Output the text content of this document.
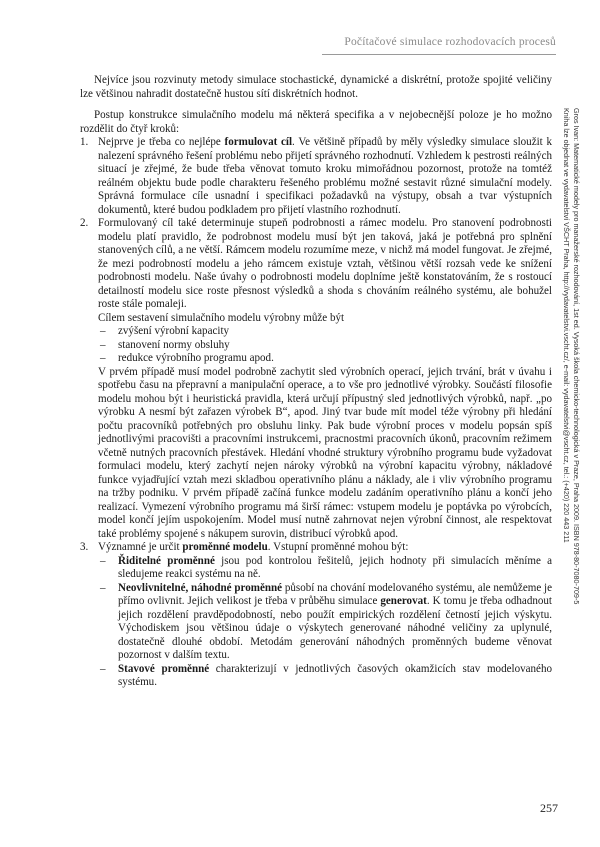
Počítačové simulace rozhodovacích procesů

Nejvíce jsou rozvinuty metody simulace stochastické, dynamické a diskrétní, protože spojité veličiny lze většinou nahradit dostatečně hustou sítí diskrétních hodnot.

Postup konstrukce simulačního modelu má některá specifika a v nejobecnější poloze je ho možno rozdělit do čtyř kroků:

1. Nejprve je třeba co nejlépe formulovat cíl. Ve většině případů by měly výsledky simulace sloužit k nalezení správného řešení problému nebo přijetí správného rozhodnutí. Vzhledem k pestrosti reálných situací je zřejmé, že bude třeba věnovat tomuto kroku mimořádnou pozornost, protože na tomtéž reálném objektu bude podle charakteru řešeného problému možné sestavit různé simulační modely. Správná formulace cíle usnadní i specifikaci požadavků na výstupy, obsah a tvar výstupních dokumentů, které budou podkladem pro přijetí vlastního rozhodnutí.

2. Formulovaný cíl také determinuje stupeň podrobnosti a rámec modelu. Pro stanovení podrobnosti modelu platí pravidlo, že podrobnost modelu musí být jen taková, jaká je potřebná pro splnění stanovených cílů, a ne větší. Rámcem modelu rozumíme meze, v nichž má model fungovat. Je zřejmé, že mezi podrobností modelu a jeho rámcem existuje vztah, většinou větší rozsah vede ke snížení podrobnosti modelu. Naše úvahy o podrobnosti modelu doplníme ještě konstatováním, že s rostoucí detailností modelu sice roste přesnost výsledků a shoda s chováním reálného systému, ale bohužel roste stále pomaleji.

Cílem sestavení simulačního modelu výrobny může být

– zvýšení výrobní kapacity
– stanovení normy obsluhy
– redukce výrobního programu apod.

V prvém případě musí model podrobně zachytit sled výrobních operací, jejich trvání, brát v úvahu i spotřebu času na přepravní a manipulační operace, a to vše pro jednotlivé výrobky. Součástí filosofie modelu mohou být i heuristická pravidla, která určují přípustný sled jednotlivých výrobků, např. „po výrobku A nesmí být zařazen výrobek B“, apod. Jiný tvar bude mít model téže výrobny při hledání počtu pracovníků potřebných pro obsluhu linky. Pak bude výrobní proces v modelu popsán spíš jednotlivými pracovišti a pracovními instrukcemi, pracnostmi pracovních úkonů, pracovním režimem včetně nutných pracovních přestávek. Hledání vhodné struktury výrobního programu bude vyžadovat formulaci modelu, který zachytí nejen nároky výrobků na výrobní kapacitu výrobny, nákladové funkce vyjadřující vztah mezi skladbou operativního plánu a náklady, ale i vliv výrobního programu na tržby podniku. V prvém případě začíná funkce modelu zadáním operativního plánu a končí jeho realizací. Vymezení výrobního programu má širší rámec: vstupem modelu je poptávka po výrobcích, model končí jejím uspokojením. Model musí nutně zahrnovat nejen výrobní činnost, ale respektovat také problémy spojené s nákupem surovin, distribucí výrobků apod.

3. Významné je určit proměnné modelu. Vstupní proměnné mohou být:

– Řiditelné proměnné jsou pod kontrolou řešitelů, jejich hodnoty při simulacích měníme a sledujeme reakci systému na ně.

– Neovlivnitelné, náhodné proměnné působí na chování modelovaného systému, ale nemůžeme je přímo ovlivnit. Jejich velikost je třeba v průběhu simulace generovat. K tomu je třeba odhadnout jejich rozdělení pravděpodobností, nebo použít empirických rozdělení četností jejich výskytu. Východiskem jsou většinou údaje o výskytech generované náhodné veličiny za uplynulé, dostatečně dlouhé období. Metodám generování náhodných proměnných budeme věnovat pozornost v dalším textu.

– Stavové proměnné charakterizují v jednotlivých časových okamžicích stav modelovaného systému.

Gros Ivan: Matematické modely pro manažerské rozhodování, 1st ed. Vysoká škola chemicko-technologická v Praze, Praha 2009. ISBN 978-80-7080-709-5
Kniha lze objednat ve vydavatelství VŠCHT Praha, http://vydavatelstvi.vscht.cz/, e-mail: vydavatelstvi@vscht.cz, tel.: (+420) 220 443 211
257
